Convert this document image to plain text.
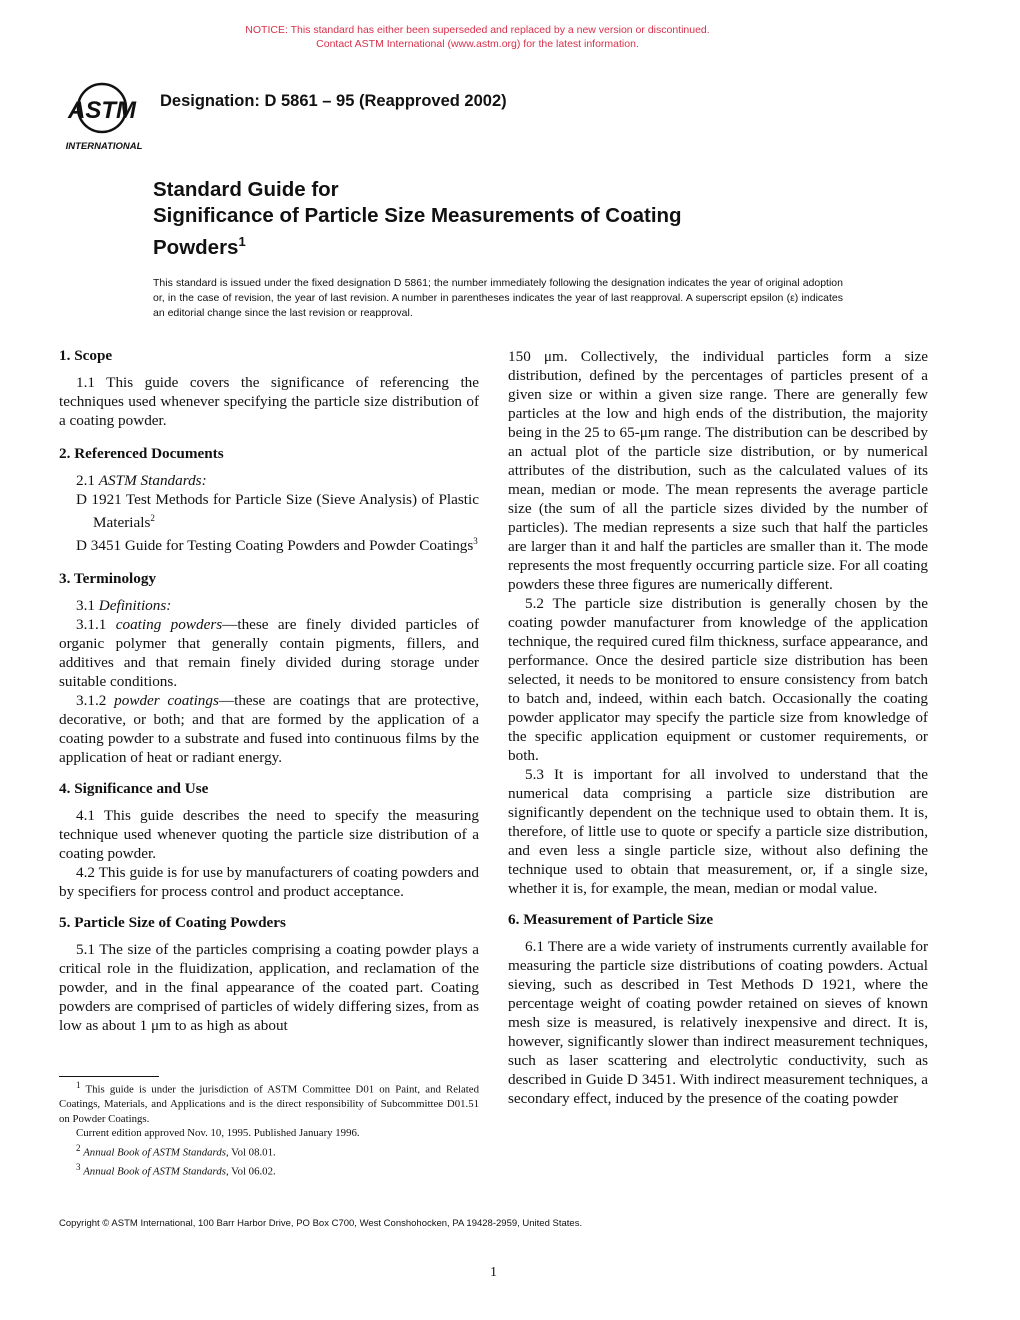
NOTICE: This standard has either been superseded and replaced by a new version or discontinued.
Contact ASTM International (www.astm.org) for the latest information.
ASTM
INTERNATIONAL
Designation: D 5861 – 95 (Reapproved 2002)
Standard Guide for
Significance of Particle Size Measurements of Coating
Powders$^1$
This standard is issued under the fixed designation D 5861; the number immediately following the designation indicates the year of original adoption or, in the case of revision, the year of last revision. A number in parentheses indicates the year of last reapproval. A superscript epsilon (ε) indicates an editorial change since the last revision or reapproval.
1. Scope

1.1 This guide covers the significance of referencing the techniques used whenever specifying the particle size distribution of a coating powder.

2. Referenced Documents

2.1 ASTM Standards:

D 1921 Test Methods for Particle Size (Sieve Analysis) of Plastic Materials$^2$

D 3451 Guide for Testing Coating Powders and Powder Coatings$^3$

3. Terminology

3.1 Definitions:

3.1.1 coating powders—these are finely divided particles of organic polymer that generally contain pigments, fillers, and additives and that remain finely divided during storage under suitable conditions.

3.1.2 powder coatings—these are coatings that are protective, decorative, or both; and that are formed by the application of a coating powder to a substrate and fused into continuous films by the application of heat or radiant energy.

4. Significance and Use

4.1 This guide describes the need to specify the measuring technique used whenever quoting the particle size distribution of a coating powder.

4.2 This guide is for use by manufacturers of coating powders and by specifiers for process control and product acceptance.

5. Particle Size of Coating Powders

5.1 The size of the particles comprising a coating powder plays a critical role in the fluidization, application, and reclamation of the powder, and in the final appearance of the coated part. Coating powders are comprised of particles of widely differing sizes, from as low as about 1 μm to as high as about

150 μm. Collectively, the individual particles form a size distribution, defined by the percentages of particles present of a given size or within a given size range. There are generally few particles at the low and high ends of the distribution, the majority being in the 25 to 65-μm range. The distribution can be described by an actual plot of the particle size distribution, or by numerical attributes of the distribution, such as the calculated values of its mean, median or mode. The mean represents the average particle size (the sum of all the particle sizes divided by the number of particles). The median represents a size such that half the particles are larger than it and half the particles are smaller than it. The mode represents the most frequently occurring particle size. For all coating powders these three figures are numerically different.

5.2 The particle size distribution is generally chosen by the coating powder manufacturer from knowledge of the application technique, the required cured film thickness, surface appearance, and performance. Once the desired particle size distribution has been selected, it needs to be monitored to ensure consistency from batch to batch and, indeed, within each batch. Occasionally the coating powder applicator may specify the particle size from knowledge of the specific application equipment or customer requirements, or both.

5.3 It is important for all involved to understand that the numerical data comprising a particle size distribution are significantly dependent on the technique used to obtain them. It is, therefore, of little use to quote or specify a particle size distribution, and even less a single particle size, without also defining the technique used to obtain that measurement, or, if a single size, whether it is, for example, the mean, median or modal value.

6. Measurement of Particle Size

6.1 There are a wide variety of instruments currently available for measuring the particle size distributions of coating powders. Actual sieving, such as described in Test Methods D 1921, where the percentage weight of coating powder retained on sieves of known mesh size is measured, is relatively inexpensive and direct. It is, however, significantly slower than indirect measurement techniques, such as laser scattering and electrolytic conductivity, such as described in Guide D 3451. With indirect measurement techniques, a secondary effect, induced by the presence of the coating powder

$^1$ This guide is under the jurisdiction of ASTM Committee D01 on Paint, and Related Coatings, Materials, and Applications and is the direct responsibility of Subcommittee D01.51 on Powder Coatings.

Current edition approved Nov. 10, 1995. Published January 1996.

$^2$ Annual Book of ASTM Standards, Vol 08.01.

$^3$ Annual Book of ASTM Standards, Vol 06.02.

Copyright © ASTM International, 100 Barr Harbor Drive, PO Box C700, West Conshohocken, PA 19428-2959, United States.
1
